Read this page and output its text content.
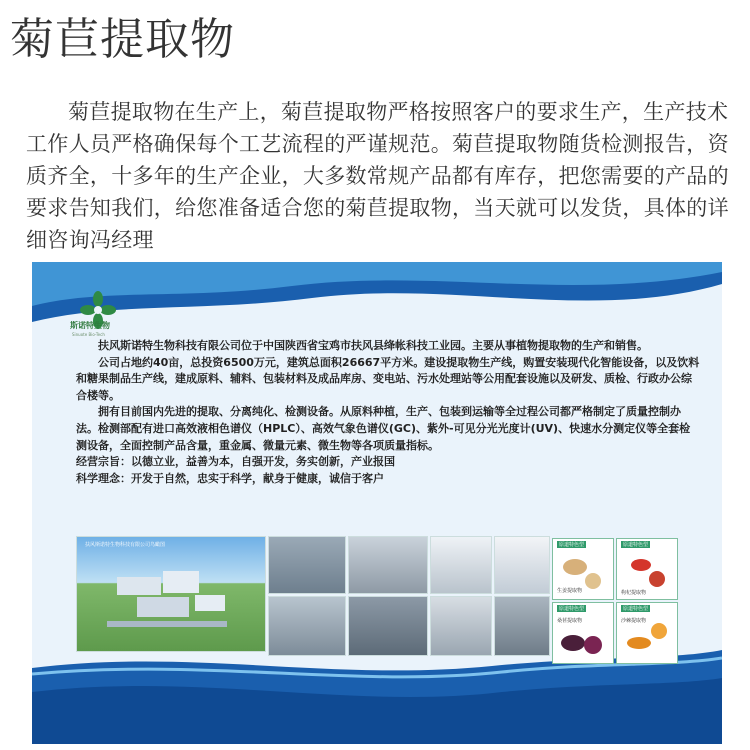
菊苣提取物
菊苣提取物在生产上，菊苣提取物严格按照客户的要求生产，生产技术工作人员严格确保每个工艺流程的严谨规范。菊苣提取物随货检测报告，资质齐全，十多年的生产企业，大多数常规产品都有库存，把您需要的产品的要求告知我们，给您准备适合您的菊苣提取物，当天就可以发货，具体的详细咨询冯经理
斯诺特生物
Sinuote Bio-Tech

扶风斯诺特生物科技有限公司位于中国陕西省宝鸡市扶风县绛帐科技工业园。主要从事植物提取物的生产和销售。

公司占地约40亩，总投资6500万元，建筑总面积26667平方米。建设提取物生产线，购置安装现代化智能设备，以及饮料和糖果制品生产线，建成原料、辅料、包装材料及成品库房、变电站、污水处理站等公用配套设施以及研发、质检、行政办公综合楼等。

拥有目前国内先进的提取、分离纯化、检测设备。从原料种植，生产、包装到运输等全过程公司都严格制定了质量控制办法。检测部配有进口高效液相色谱仪（HPLC）、高效气象色谱仪(GC)、紫外-可见分光光度计(UV)、快速水分测定仪等全套检测设备，全面控制产品含量，重金属、微量元素、微生物等各项质量指标。

经营宗旨：以德立业，益善为本，自强开发，务实创新，产业报国

科学理念：开发于自然，忠实于科学，献身于健康，诚信于客户

扶风斯诺特生物科技有限公司鸟瞰图	原道特色型
生姜提取物
原道特色型
枸杞提取物
原道特色型
桑葚提取物
原道特色型
沙棘提取物
